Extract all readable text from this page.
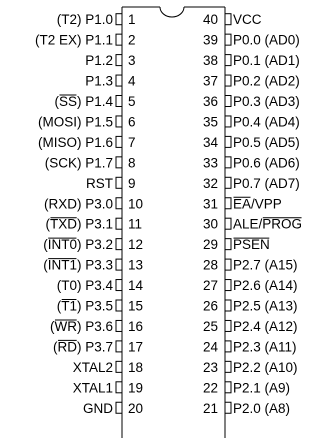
1
(T2) P1.0
2
(T2 EX) P1.1
3
P1.2
4
P1.3
5
(SS) P1.4
6
(MOSI) P1.5
7
(MISO) P1.6
8
(SCK) P1.7
9
RST
10
(RXD) P3.0
11
(TXD) P3.1
12
(INT0) P3.2
13
(INT1) P3.3
14
(T0) P3.4
15
(T1) P3.5
16
(WR) P3.6
17
(RD) P3.7
18
XTAL2
19
XTAL1
20
GND
40 VCC
39 P0.0 (AD0)
38 P0.1 (AD1)
37 P0.2 (AD2)
36 P0.3 (AD3)
35 P0.4 (AD4)
34 P0.5 (AD5)
33 P0.6 (AD6)
32 P0.7 (AD7)
31 EA/VPP
30 ALE/PROG
29 PSEN
28 P2.7 (A15)
27 P2.6 (A14)
26 P2.5 (A13)
25 P2.4 (A12)
24 P2.3 (A11)
23 P2.2 (A10)
22 P2.1 (A9)
21 P2.0 (A8)
